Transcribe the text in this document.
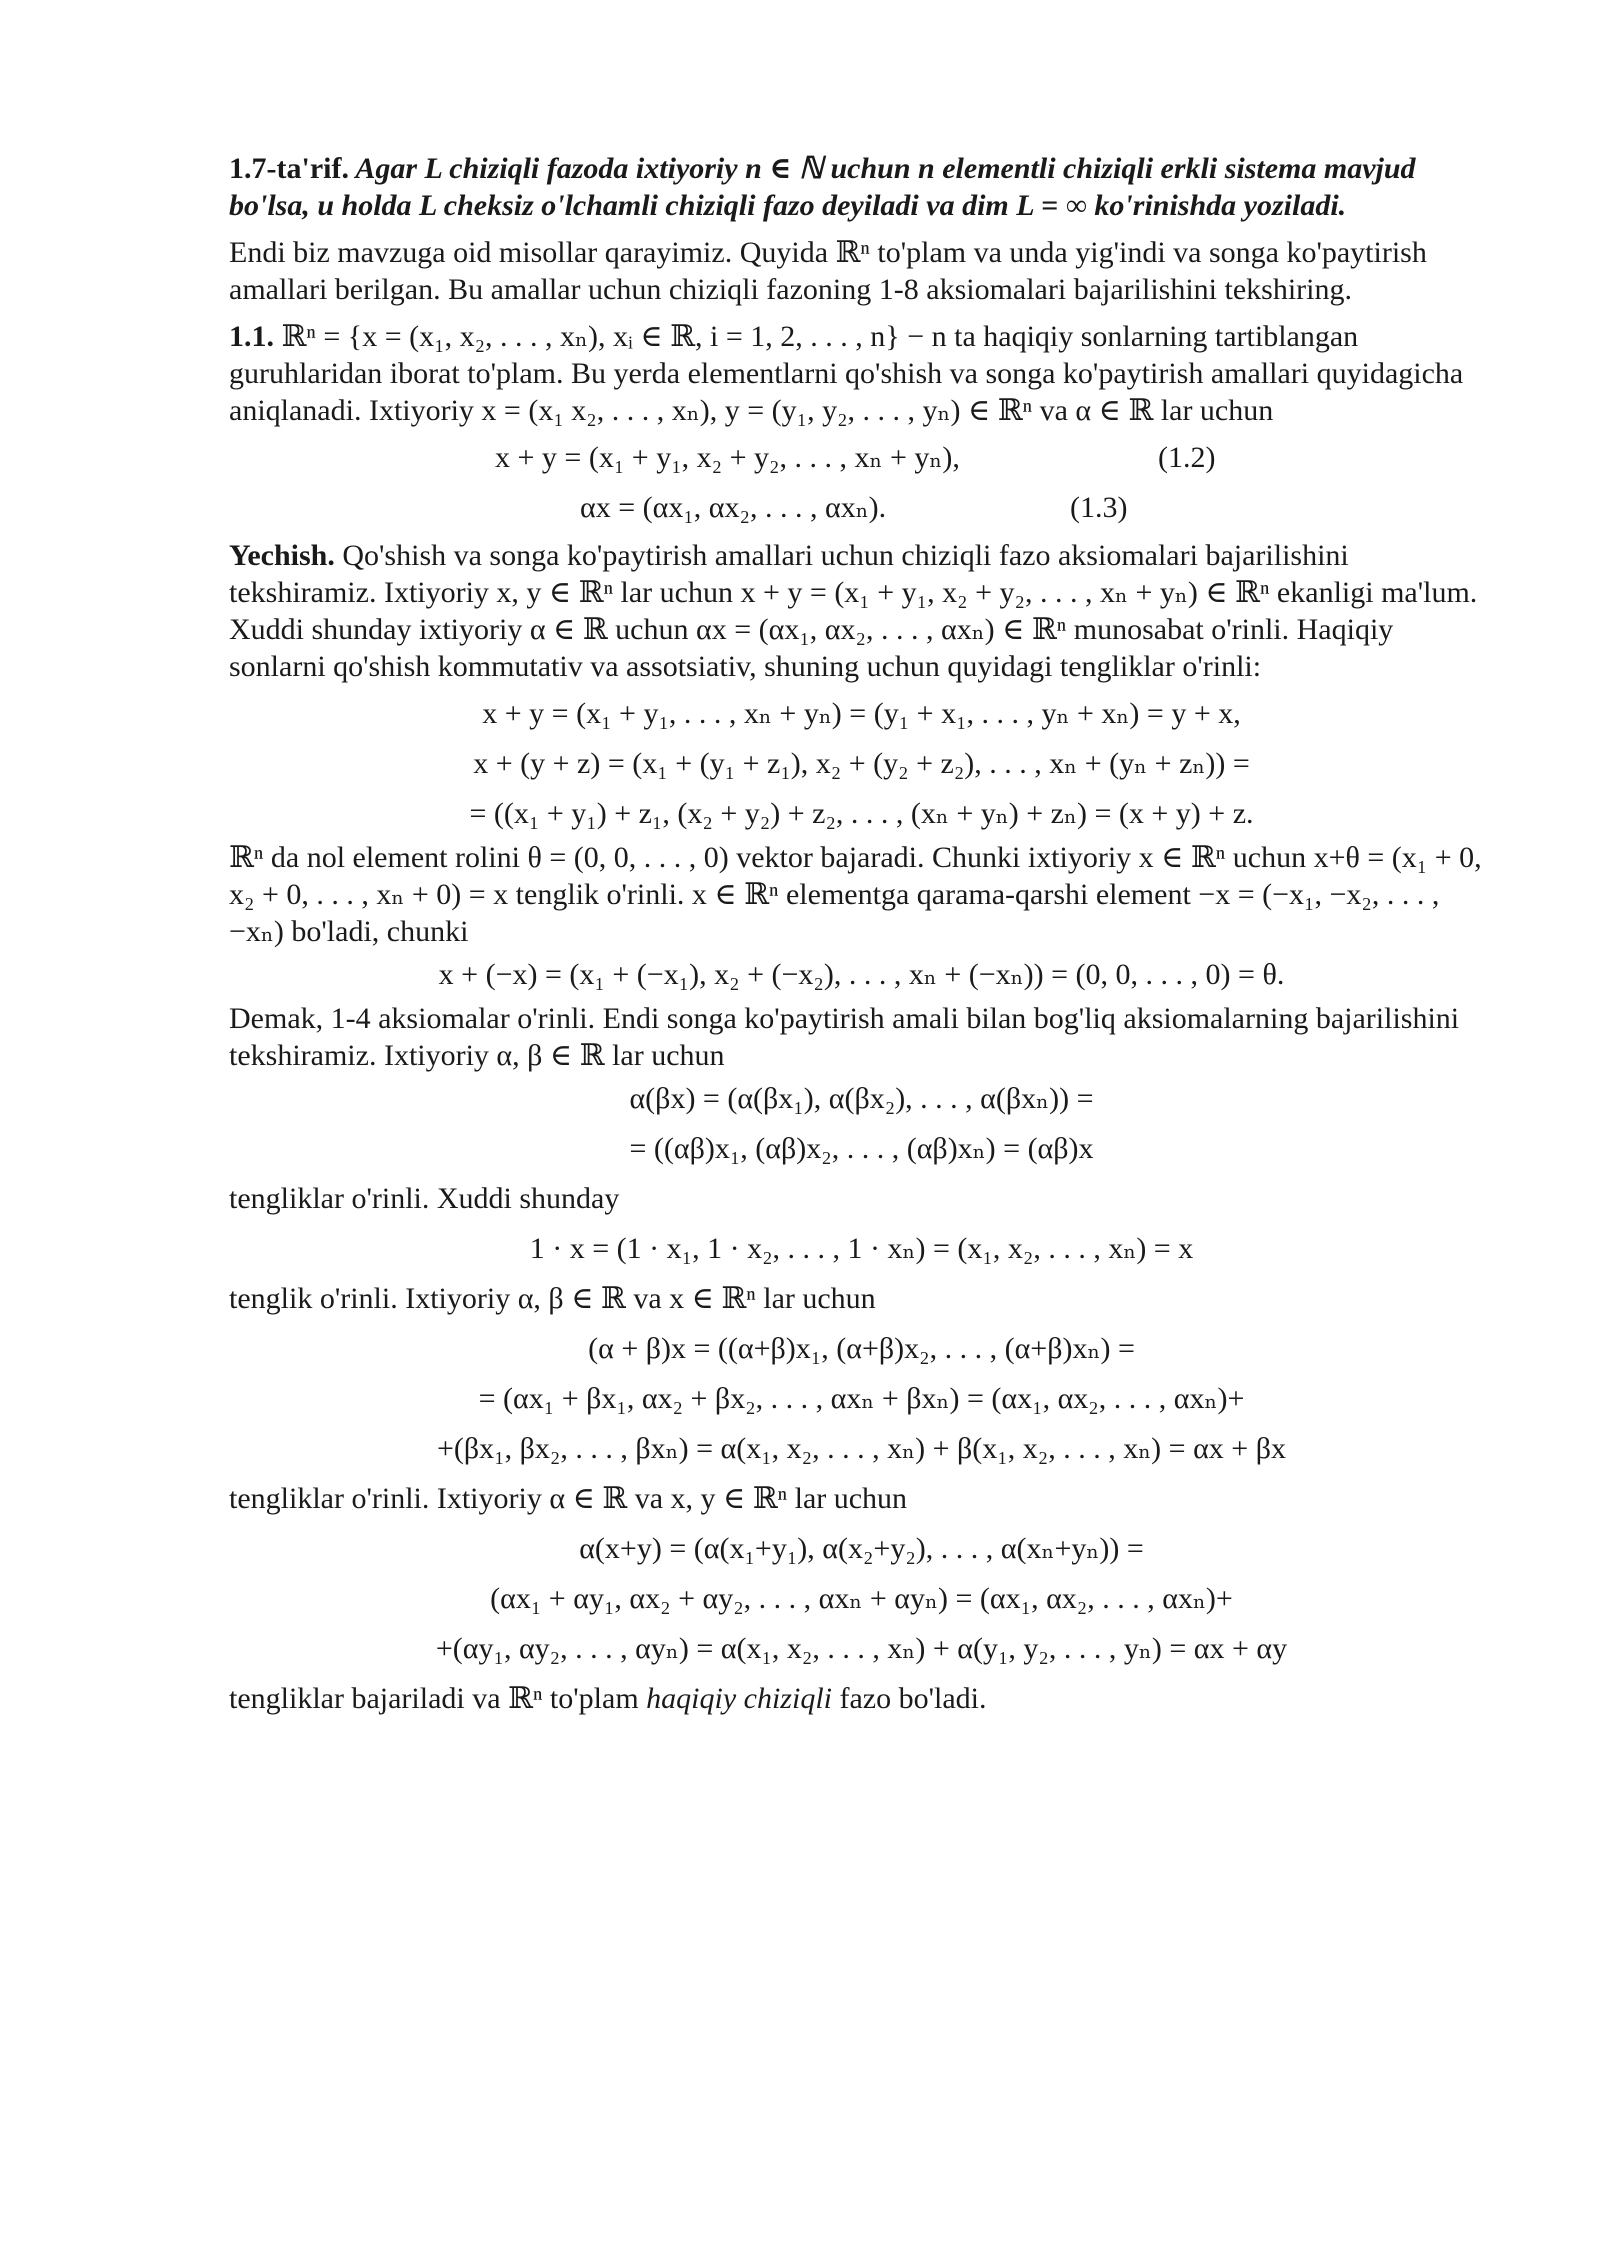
1.7-ta'rif. Agar L chiziqli fazoda ixtiyoriy n ∈ ℕ uchun n elementli chiziqli erkli sistema mavjud bo'lsa, u holda L cheksiz o'lchamli chiziqli fazo deyiladi va dim L = ∞ ko'rinishda yoziladi.

Endi biz mavzuga oid misollar qarayimiz. Quyida ℝⁿ to'plam va unda yig'indi va songa ko'paytirish amallari berilgan. Bu amallar uchun chiziqli fazoning 1-8 aksiomalari bajarilishini tekshiring.

1.1. ℝⁿ = {x = (x₁, x₂, . . . , xₙ), xᵢ ∈ ℝ, i = 1, 2, . . . , n} − n ta haqiqiy sonlarning tartiblangan guruhlaridan iborat to'plam. Bu yerda elementlarni qo'shish va songa ko'paytirish amallari quyidagicha aniqlanadi. Ixtiyoriy x = (x₁ x₂, . . . , xₙ), y = (y₁, y₂, . . . , yₙ) ∈ ℝⁿ va α ∈ ℝ lar uchun

x + y = (x₁ + y₁, x₂ + y₂, . . . , xₙ + yₙ),	(1.2)
αx = (αx₁, αx₂, . . . , αxₙ).	(1.3)

Yechish. Qo'shish va songa ko'paytirish amallari uchun chiziqli fazo aksiomalari bajarilishini tekshiramiz. Ixtiyoriy x, y ∈ ℝⁿ lar uchun x + y = (x₁ + y₁, x₂ + y₂, . . . , xₙ + yₙ) ∈ ℝⁿ ekanligi ma'lum. Xuddi shunday ixtiyoriy α ∈ ℝ uchun αx = (αx₁, αx₂, . . . , αxₙ) ∈ ℝⁿ munosabat o'rinli. Haqiqiy sonlarni qo'shish kommutativ va assotsiativ, shuning uchun quyidagi tengliklar o'rinli:

x + y = (x₁ + y₁, . . . , xₙ + yₙ) = (y₁ + x₁, . . . , yₙ + xₙ) = y + x,
x + (y + z) = (x₁ + (y₁ + z₁), x₂ + (y₂ + z₂), . . . , xₙ + (yₙ + zₙ)) =
= ((x₁ + y₁) + z₁, (x₂ + y₂) + z₂, . . . , (xₙ + yₙ) + zₙ) = (x + y) + z.

ℝⁿ da nol element rolini θ = (0, 0, . . . , 0) vektor bajaradi. Chunki ixtiyoriy x ∈ ℝⁿ uchun x+θ = (x₁ + 0, x₂ + 0, . . . , xₙ + 0) = x tenglik o'rinli. x ∈ ℝⁿ elementga qarama-qarshi element −x = (−x₁, −x₂, . . . , −xₙ) bo'ladi, chunki

x + (−x) = (x₁ + (−x₁), x₂ + (−x₂), . . . , xₙ + (−xₙ)) = (0, 0, . . . , 0) = θ.

Demak, 1-4 aksiomalar o'rinli. Endi songa ko'paytirish amali bilan bog'liq aksiomalarning bajarilishini tekshiramiz. Ixtiyoriy α, β ∈ ℝ lar uchun

α(βx) = (α(βx₁), α(βx₂), . . . , α(βxₙ)) =
= ((αβ)x₁, (αβ)x₂, . . . , (αβ)xₙ) = (αβ)x

tengliklar o'rinli. Xuddi shunday

1 · x = (1 · x₁, 1 · x₂, . . . , 1 · xₙ) = (x₁, x₂, . . . , xₙ) = x

tenglik o'rinli. Ixtiyoriy α, β ∈ ℝ va x ∈ ℝⁿ lar uchun

(α + β)x = ((α+β)x₁, (α+β)x₂, . . . , (α+β)xₙ) =
= (αx₁ + βx₁, αx₂ + βx₂, . . . , αxₙ + βxₙ) = (αx₁, αx₂, . . . , αxₙ)+
+(βx₁, βx₂, . . . , βxₙ) = α(x₁, x₂, . . . , xₙ) + β(x₁, x₂, . . . , xₙ) = αx + βx

tengliklar o'rinli. Ixtiyoriy α ∈ ℝ va x, y ∈ ℝⁿ lar uchun

α(x+y) = (α(x₁+y₁), α(x₂+y₂), . . . , α(xₙ+yₙ)) =
(αx₁ + αy₁, αx₂ + αy₂, . . . , αxₙ + αyₙ) = (αx₁, αx₂, . . . , αxₙ)+
+(αy₁, αy₂, . . . , αyₙ) = α(x₁, x₂, . . . , xₙ) + α(y₁, y₂, . . . , yₙ) = αx + αy

tengliklar bajariladi va ℝⁿ to'plam haqiqiy chiziqli fazo bo'ladi.
